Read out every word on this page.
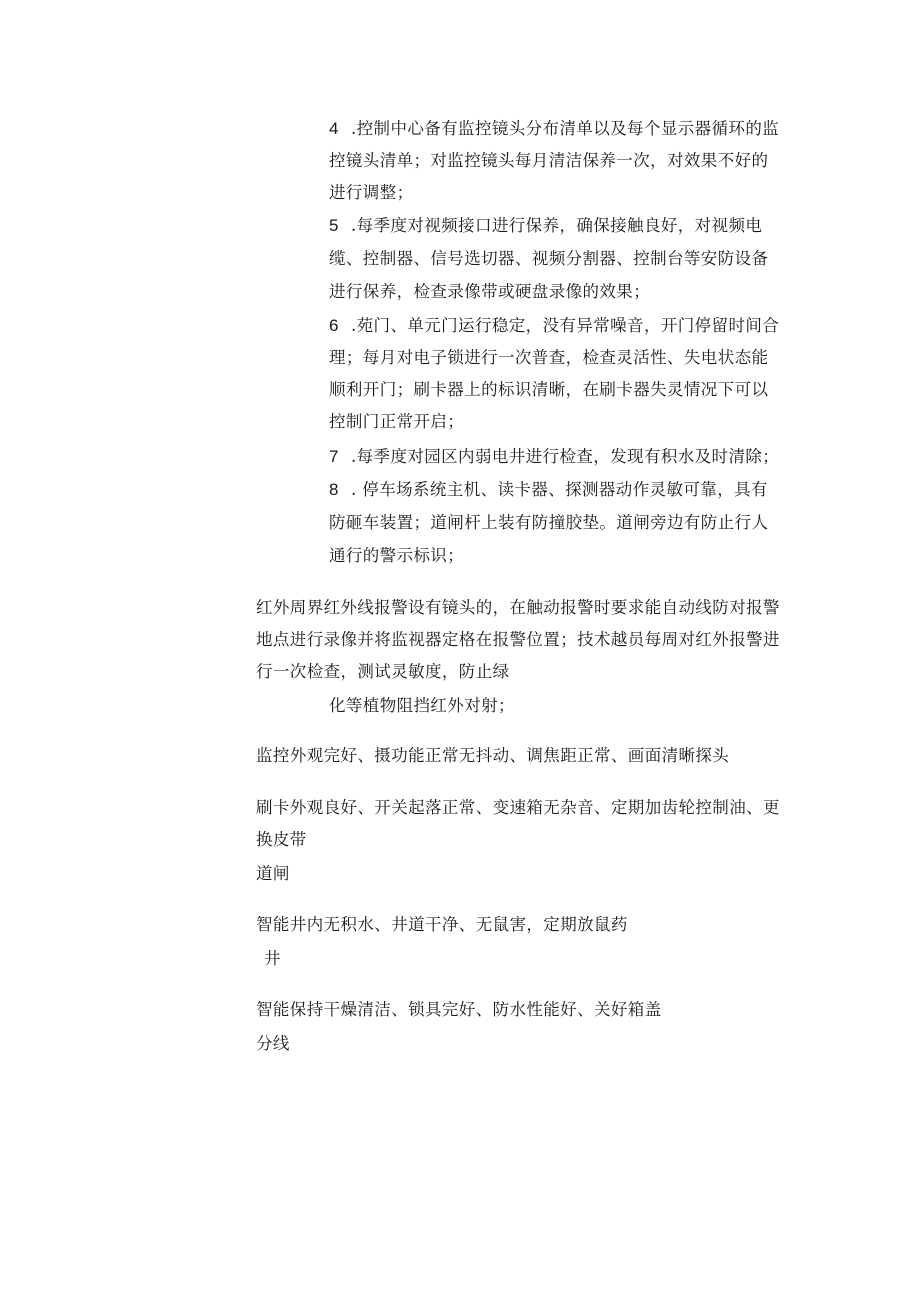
4 .控制中心备有监控镜头分布清单以及每个显示器循环的监
控镜头清单；对监控镜头每月清洁保养一次，对效果不好的
进行调整；
5 .每季度对视频接口进行保养，确保接触良好，对视频电
缆、控制器、信号选切器、视频分割器、控制台等安防设备
进行保养，检查录像带或硬盘录像的效果；
6 .苑门、单元门运行稳定，没有异常噪音，开门停留时间合
理；每月对电子锁进行一次普查，检查灵活性、失电状态能
顺利开门；刷卡器上的标识清晰，在刷卡器失灵情况下可以
控制门正常开启；
7 .每季度对园区内弱电井进行检查，发现有积水及时清除；
8 . 停车场系统主机、读卡器、探测器动作灵敏可靠，具有
防砸车装置；道闸杆上装有防撞胶垫。道闸旁边有防止行人
通行的警示标识；
红外周界红外线报警设有镜头的，在触动报警时要求能自动线防对报警
地点进行录像并将监视器定格在报警位置；技术越员每周对红外报警进
行一次检查，测试灵敏度，防止绿
化等植物阻挡红外对射；
监控外观完好、摄功能正常无抖动、调焦距正常、画面清晰探头
刷卡外观良好、开关起落正常、变速箱无杂音、定期加齿轮控制油、更
换皮带
道闸
智能井内无积水、井道干净、无鼠害，定期放鼠药
井
智能保持干燥清洁、锁具完好、防水性能好、关好箱盖
分线
